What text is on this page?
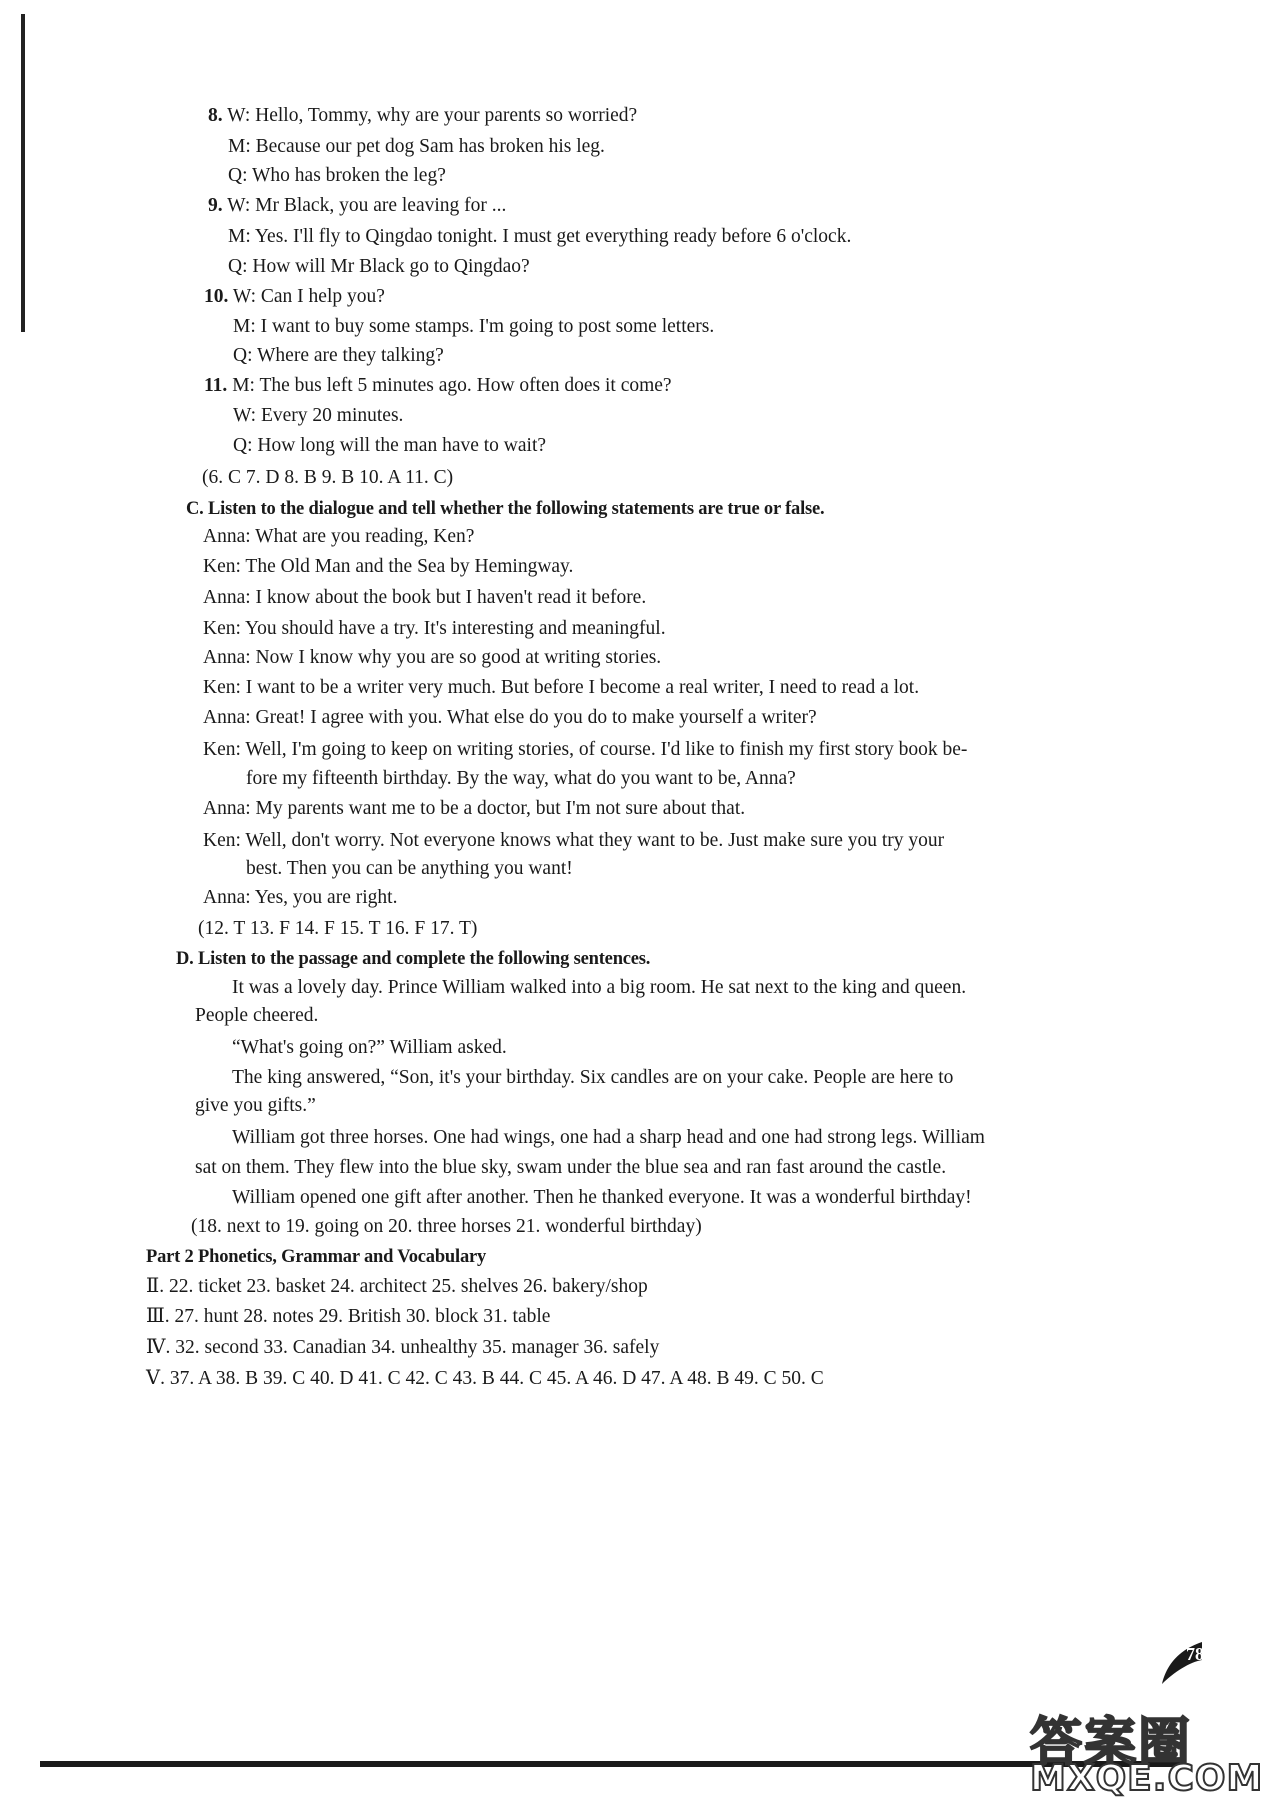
8. W: Hello, Tommy, why are your parents so worried?
M: Because our pet dog Sam has broken his leg.
Q: Who has broken the leg?
9. W: Mr Black, you are leaving for ...
M: Yes. I'll fly to Qingdao tonight. I must get everything ready before 6 o'clock.
Q: How will Mr Black go to Qingdao?
10. W: Can I help you?
M: I want to buy some stamps. I'm going to post some letters.
Q: Where are they talking?
11. M: The bus left 5 minutes ago. How often does it come?
W: Every 20 minutes.
Q: How long will the man have to wait?
(6. C 7. D 8. B 9. B 10. A 11. C)
C. Listen to the dialogue and tell whether the following statements are true or false.
Anna: What are you reading, Ken?
Ken: The Old Man and the Sea by Hemingway.
Anna: I know about the book but I haven't read it before.
Ken: You should have a try. It's interesting and meaningful.
Anna: Now I know why you are so good at writing stories.
Ken: I want to be a writer very much. But before I become a real writer, I need to read a lot.
Anna: Great! I agree with you. What else do you do to make yourself a writer?
Ken: Well, I'm going to keep on writing stories, of course. I'd like to finish my first story book be-
fore my fifteenth birthday. By the way, what do you want to be, Anna?
Anna: My parents want me to be a doctor, but I'm not sure about that.
Ken: Well, don't worry. Not everyone knows what they want to be. Just make sure you try your
best. Then you can be anything you want!
Anna: Yes, you are right.
(12. T 13. F 14. F 15. T 16. F 17. T)
D. Listen to the passage and complete the following sentences.
It was a lovely day. Prince William walked into a big room. He sat next to the king and queen.
People cheered.
“What's going on?” William asked.
The king answered, “Son, it's your birthday. Six candles are on your cake. People are here to
give you gifts.”
William got three horses. One had wings, one had a sharp head and one had strong legs. William
sat on them. They flew into the blue sky, swam under the blue sea and ran fast around the castle.
William opened one gift after another. Then he thanked everyone. It was a wonderful birthday!
(18. next to 19. going on 20. three horses 21. wonderful birthday)
Part 2 Phonetics, Grammar and Vocabulary
Ⅱ. 22. ticket 23. basket 24. architect 25. shelves 26. bakery/shop
Ⅲ. 27. hunt 28. notes 29. British 30. block 31. table
Ⅳ. 32. second 33. Canadian 34. unhealthy 35. manager 36. safely
Ⅴ. 37. A 38. B 39. C 40. D 41. C 42. C 43. B 44. C 45. A 46. D 47. A 48. B 49. C 50. C
78
答案圈
MXQE.COM
